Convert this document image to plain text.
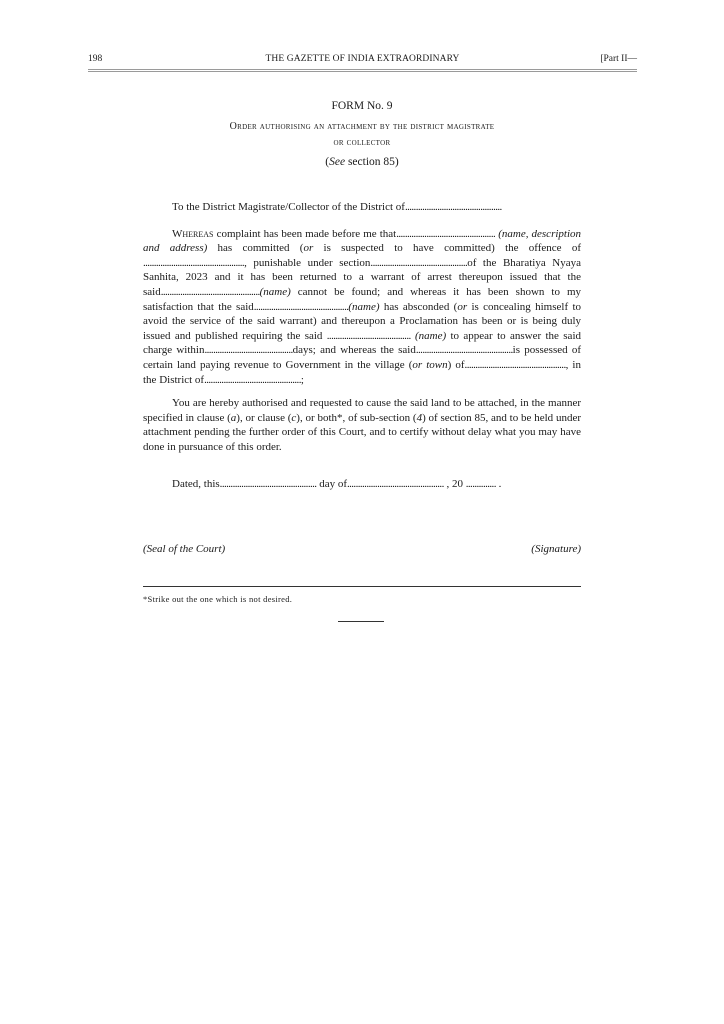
198	THE GAZETTE OF INDIA EXTRAORDINARY	[Part II—
FORM No. 9
Order authorising an attachment by the district magistrate
or collector
(See section 85)

To the District Magistrate/Collector of the District of.............................................

Whereas complaint has been made before me that.............................................. (name, description and address) has committed (or is suspected to have committed) the offence of ..............................................., punishable under section.............................................of the Bharatiya Nyaya Sanhita, 2023 and it has been returned to a warrant of arrest thereupon issued that the said..............................................(name) cannot be found; and whereas it has been shown to my satisfaction that the said............................................(name) has absconded (or is concealing himself to avoid the service of the said warrant) and thereupon a Proclamation has been or is being duly issued and published requiring the said ....................................... (name) to appear to answer the said charge within.........................................days; and whereas the said.............................................is possessed of certain land paying revenue to Government in the village (or town) of..............................................., in the District of.............................................;

You are hereby authorised and requested to cause the said land to be attached, in the manner specified in clause (a), or clause (c), or both*, of sub-section (4) of section 85, and to be held under attachment pending the further order of this Court, and to certify without delay what you may have done in pursuance of this order.

Dated, this............................................. day of............................................. , 20 .............. .
(Seal of the Court)	(Signature)
*Strike out the one which is not desired.
